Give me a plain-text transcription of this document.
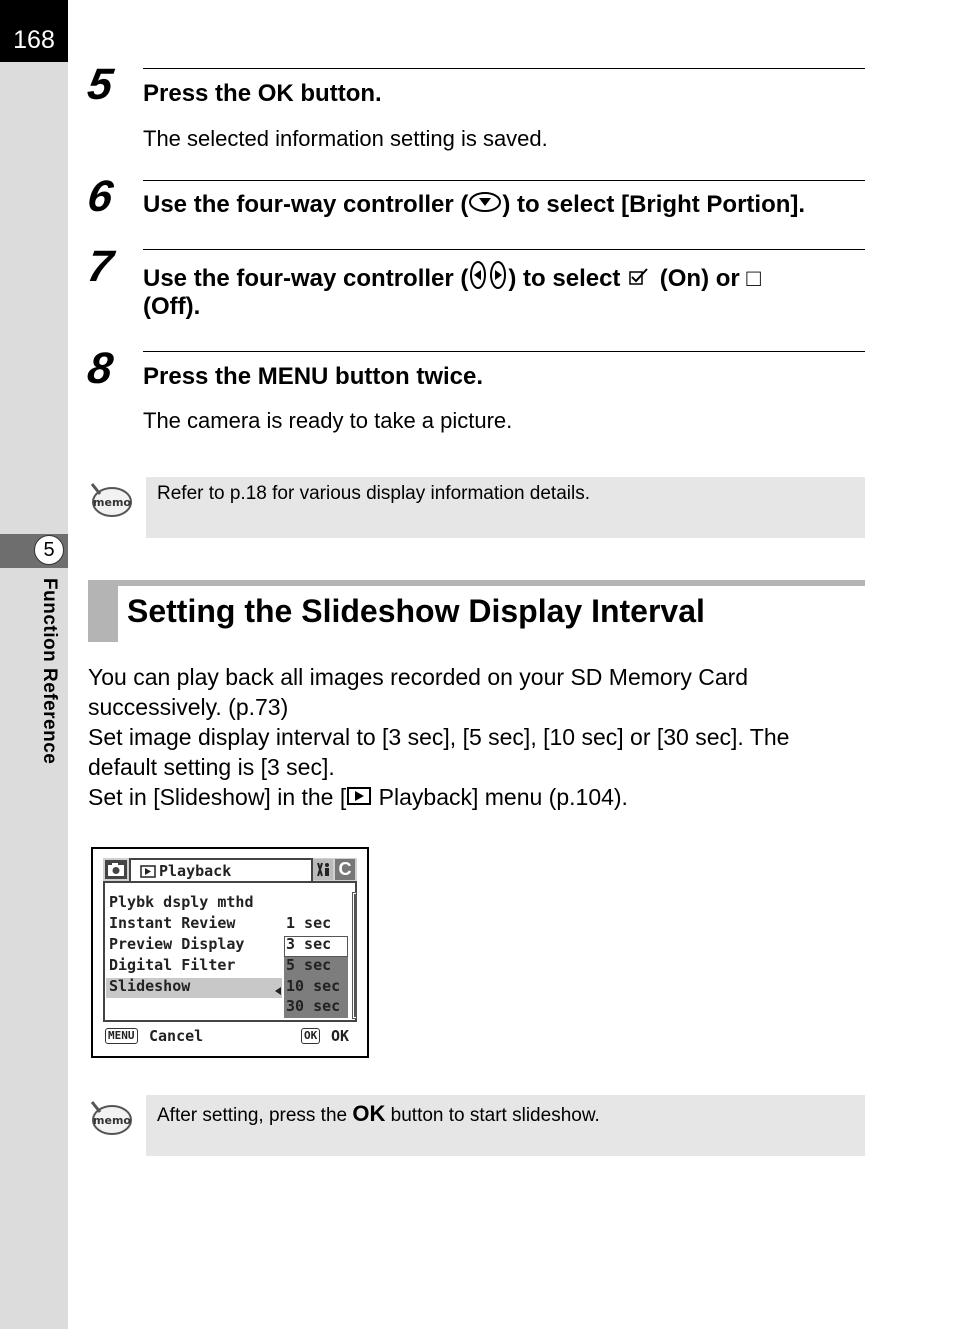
168
5
Function Reference
5 Press the OK button.
The selected information setting is saved.
6 Use the four-way controller ( ) to select [Bright Portion].
7 Use the four-way controller ( ) to select  (On) or □
(Off).
8 Press the MENU button twice.
The camera is ready to take a picture.
memo Refer to p.18 for various display information details.
Setting the Slideshow Display Interval
You can play back all images recorded on your SD Memory Card
successively. (p.73)
Set image display interval to [3 sec], [5 sec], [10 sec] or [30 sec]. The
default setting is [3 sec].
Set in [Slideshow] in the [ Playback] menu (p.104).
Playback	C
Plybk dsply mthd
Instant Review
Preview Display
Digital Filter
Slideshow
1 sec
3 sec
5 sec
10 sec
30 sec
MENU Cancel	OK OK
memo After setting, press the OK button to start slideshow.
